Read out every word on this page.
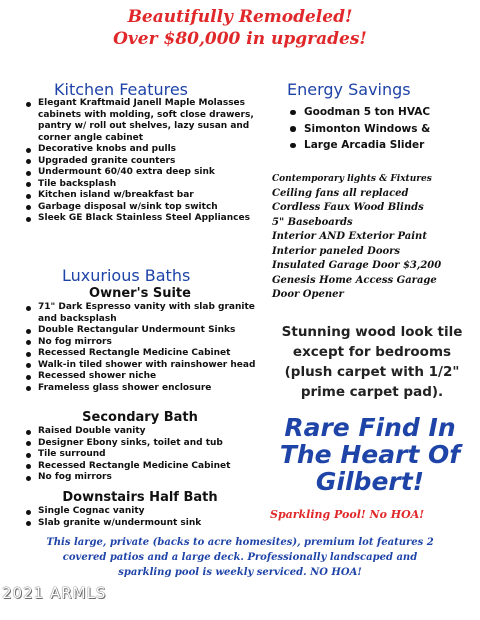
Beautifully Remodeled!
Over $80,000 in upgrades!
Kitchen Features
Elegant Kraftmaid Janell Maple Molasses cabinets with molding, soft close drawers, pantry w/ roll out shelves, lazy susan and corner angle cabinet
Decorative knobs and pulls
Upgraded granite counters
Undermount 60/40 extra deep sink
Tile backsplash
Kitchen island w/breakfast bar
Garbage disposal w/sink top switch
Sleek GE Black Stainless Steel Appliances
Energy Savings
Goodman 5 ton HVAC
Simonton Windows &
Large Arcadia Slider
Contemporary lights & Fixtures
Ceiling fans all replaced
Cordless Faux Wood Blinds
5" Baseboards
Interior AND Exterior Paint
Interior paneled Doors
Insulated Garage Door $3,200
Genesis Home Access Garage
Door Opener
Luxurious Baths
Owner's Suite
71" Dark Espresso vanity with slab granite and backsplash
Double Rectangular Undermount Sinks
No fog mirrors
Recessed Rectangle Medicine Cabinet
Walk-in tiled shower with rainshower head
Recessed shower niche
Frameless glass shower enclosure
Secondary Bath
Raised Double vanity
Designer Ebony sinks, toilet and tub
Tile surround
Recessed Rectangle Medicine Cabinet
No fog mirrors
Downstairs Half Bath
Single Cognac vanity
Slab granite w/undermount sink
Stunning wood look tile
except for bedrooms
(plush carpet with 1/2"
prime carpet pad).
Rare Find In
The Heart Of
Gilbert!
Sparkling Pool! No HOA!
This large, private (backs to acre homesites), premium lot features 2
covered patios and a large deck. Professionally landscaped and
sparkling pool is weekly serviced. NO HOA!
2021 ARMLS
